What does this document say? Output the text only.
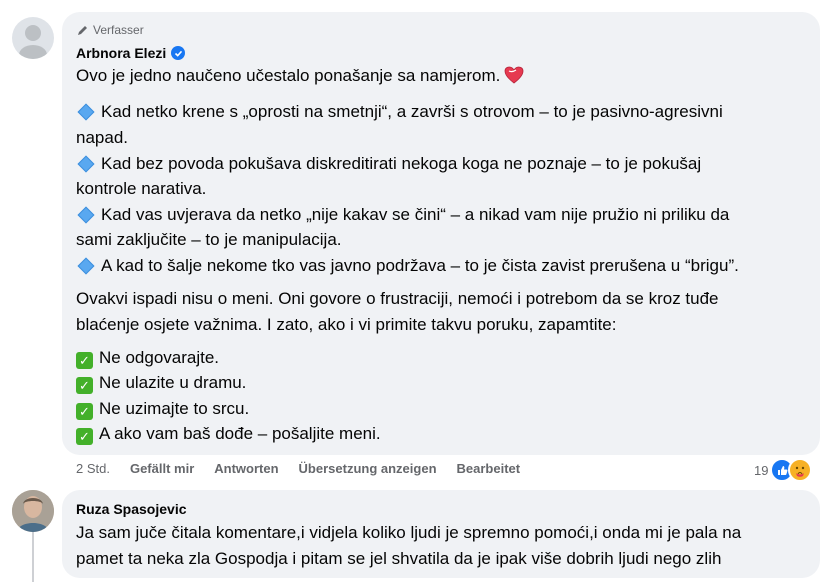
Verfasser
Arbnora Elezi
Ovo je jedno naučeno učestalo ponašanje sa namjerom.
Kad netko krene s „oprosti na smetnji“, a završi s otrovom – to je pasivno-agresivni
napad.
Kad bez povoda pokušava diskreditirati nekoga koga ne poznaje – to je pokušaj
kontrole narativa.
Kad vas uvjerava da netko „nije kakav se čini“ – a nikad vam nije pružio ni priliku da
sami zaključite – to je manipulacija.
A kad to šalje nekome tko vas javno podržava – to je čista zavist prerušena u “brigu”.
Ovakvi ispadi nisu o meni. Oni govore o frustraciji, nemoći i potrebom da se kroz tuđe
blaćenje osjete važnima. I zato, ako i vi primite takvu poruku, zapamtite:
✓ Ne odgovarajte.
✓ Ne ulazite u dramu.
✓ Ne uzimajte to srcu.
✓ A ako vam baš dođe – pošaljite meni.
2 Std. Gefällt mir Antworten Übersetzung anzeigen Bearbeitet	19
Ruza Spasojevic
Ja sam juče čitala komentare,i vidjela koliko ljudi je spremno pomoći,i onda mi je pala na
pamet ta neka zla Gospodja i pitam se jel shvatila da je ipak više dobrih ljudi nego zlih
